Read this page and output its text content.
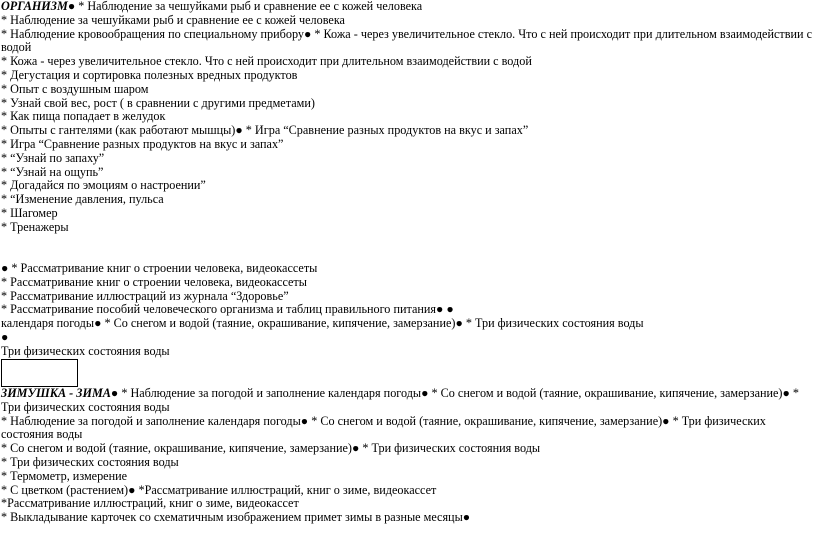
ОРГАНИЗМ● * Наблюдение за чешуйками рыб и сравнение ее с кожей человека
* Наблюдение за чешуйками рыб и сравнение ее с кожей человека
* Наблюдение кровообращения по специальному прибору● * Кожа - через увеличительное стекло. Что с ней происходит при длительном взаимодействии с водой
* Кожа - через увеличительное стекло. Что с ней происходит при длительном взаимодействии с водой
* Дегустация и сортировка полезных вредных продуктов
* Опыт с воздушным шаром
* Узнай свой вес, рост ( в сравнении с другими предметами)
* Как пища попадает в желудок
* Опыты с гантелями (как работают мышцы)● * Игра “Сравнение разных продуктов на вкус и запах”
* Игра “Сравнение разных продуктов на вкус и запах”
* “Узнай по запаху”
* “Узнай на ощупь”
* Догадайся по эмоциям о настроении”
* “Изменение давления, пульса
* Шагомер
* Тренажеры
● * Рассматривание книг о строении человека, видеокассеты
* Рассматривание книг о строении человека, видеокассеты
* Рассматривание иллюстраций из журнала “Здоровье”
* Рассматривание пособий человеческого организма и таблиц правильного питания● ●
календаря погоды● * Со снегом и водой (таяние, окрашивание, кипячение, замерзание)● * Три физических состояния воды
●
Три физических состояния воды
ЗИМУШКА - ЗИМА● * Наблюдение за погодой и заполнение календаря погоды● * Со снегом и водой (таяние, окрашивание, кипячение, замерзание)● * Три физических состояния воды
* Наблюдение за погодой и заполнение календаря погоды● * Со снегом и водой (таяние, окрашивание, кипячение, замерзание)● * Три физических состояния воды
* Со снегом и водой (таяние, окрашивание, кипячение, замерзание)● * Три физических состояния воды
* Три физических состояния воды
* Термометр, измерение
* С цветком (растением)● *Рассматривание иллюстраций, книг о зиме, видеокассет
*Рассматривание иллюстраций, книг о зиме, видеокассет
* Выкладывание карточек со схематичным изображением примет зимы в разные месяцы●
